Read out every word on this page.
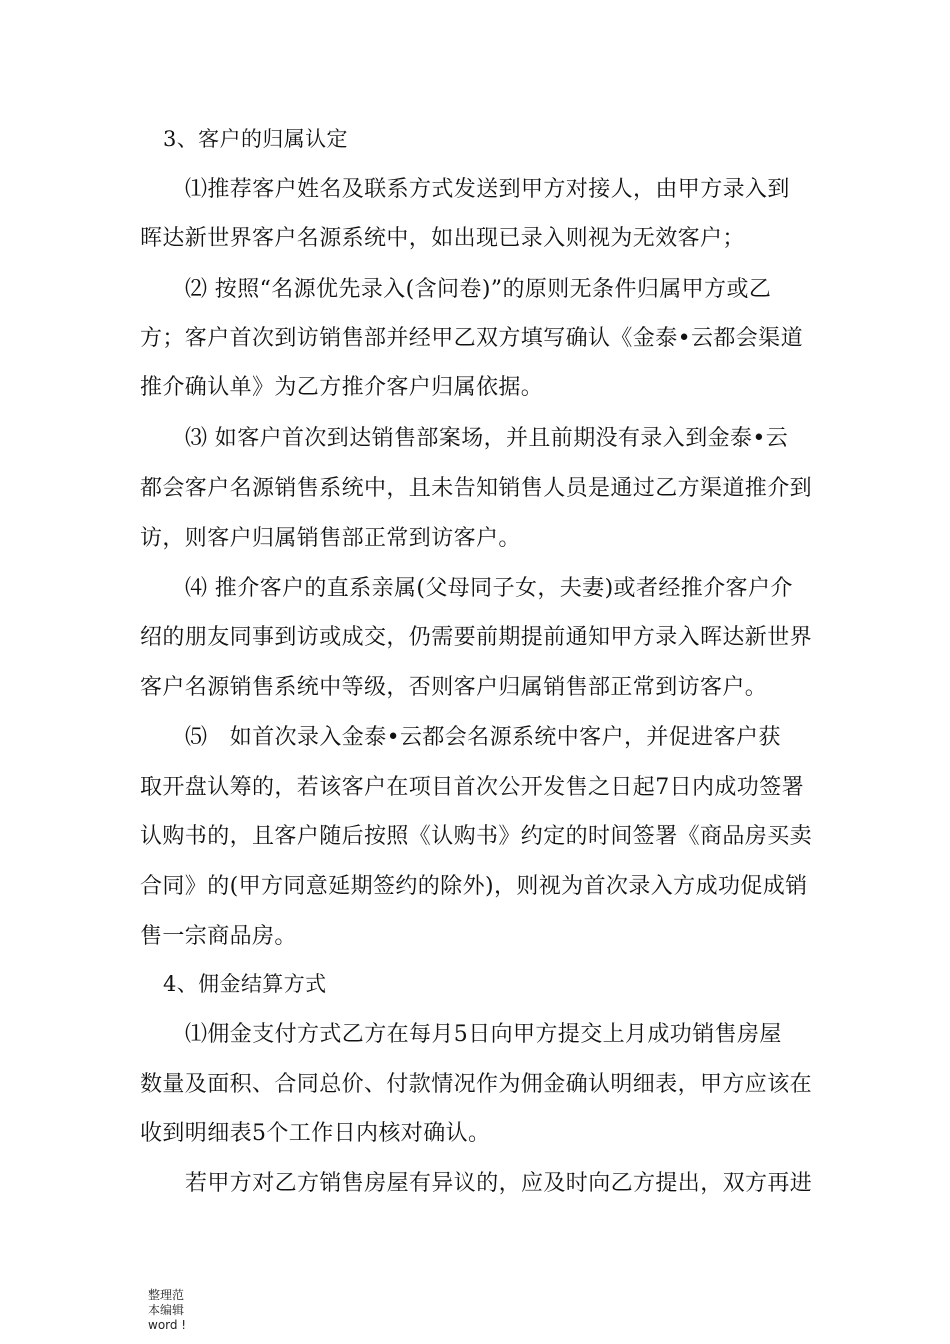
3、客户的归属认定
⑴推荐客户姓名及联系方式发送到甲方对接人，由甲方录入到
晖达新世界客户名源系统中，如出现已录入则视为无效客户；
⑵ 按照“名源优先录入(含问卷)”的原则无条件归属甲方或乙
方；客户首次到访销售部并经甲乙双方填写确认《金泰•云都会渠道
推介确认单》为乙方推介客户归属依据。
⑶ 如客户首次到达销售部案场，并且前期没有录入到金泰•云
都会客户名源销售系统中，且未告知销售人员是通过乙方渠道推介到
访，则客户归属销售部正常到访客户。
⑷ 推介客户的直系亲属(父母同子女，夫妻)或者经推介客户介
绍的朋友同事到访或成交，仍需要前期提前通知甲方录入晖达新世界
客户名源销售系统中等级，否则客户归属销售部正常到访客户。
⑸　如首次录入金泰•云都会名源系统中客户，并促进客户获
取开盘认筹的，若该客户在项目首次公开发售之日起7日内成功签署
认购书的，且客户随后按照《认购书》约定的时间签署《商品房买卖
合同》的(甲方同意延期签约的除外)，则视为首次录入方成功促成销
售一宗商品房。
4、佣金结算方式
⑴佣金支付方式乙方在每月5日向甲方提交上月成功销售房屋
数量及面积、合同总价、付款情况作为佣金确认明细表，甲方应该在
收到明细表5个工作日内核对确认。
若甲方对乙方销售房屋有异议的，应及时向乙方提出，双方再进
整理范
本编辑
word !
